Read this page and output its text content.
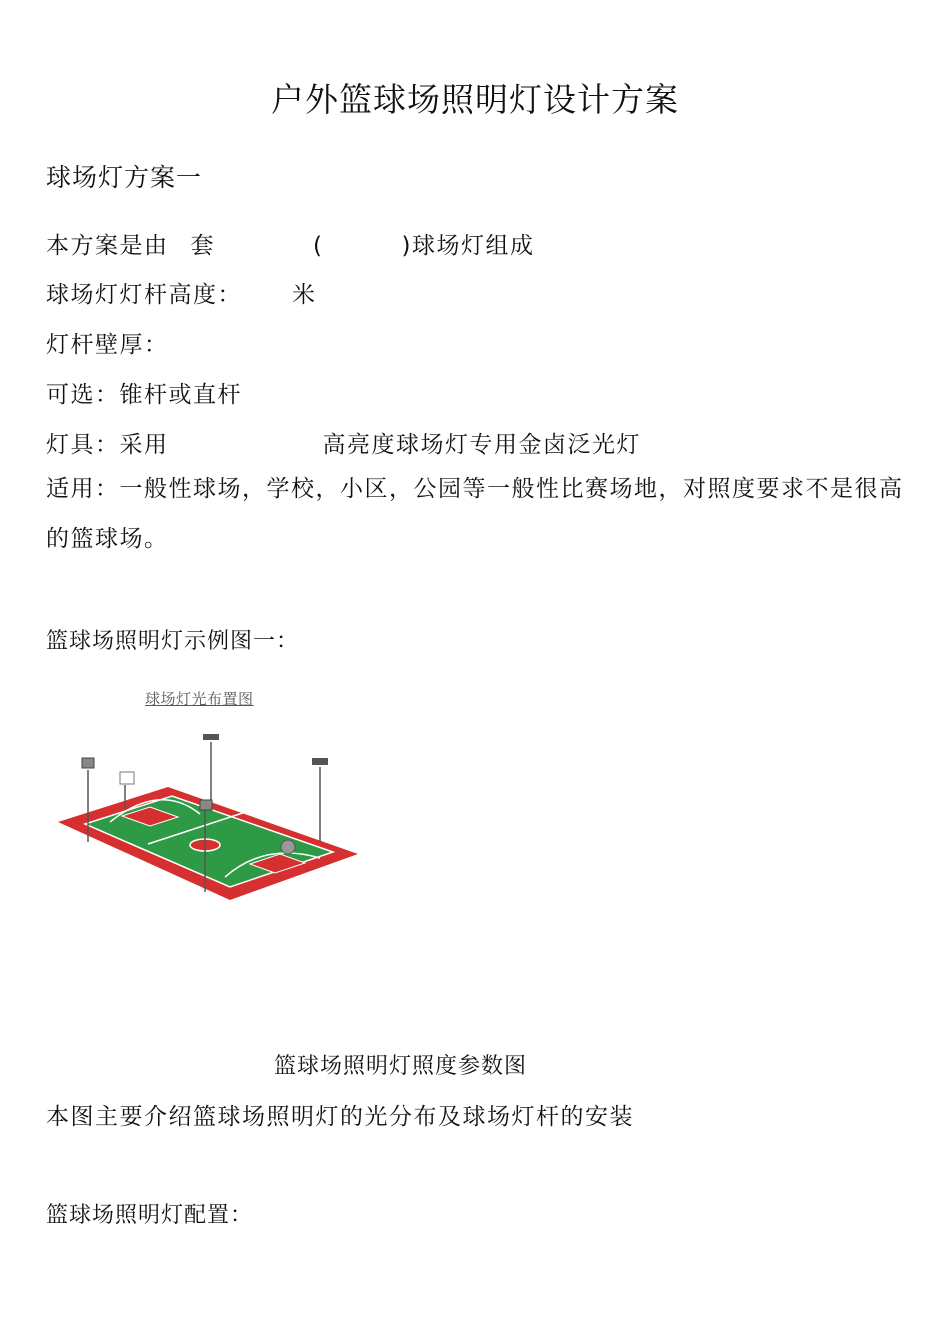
户外篮球场照明灯设计方案
球场灯方案一
本方案是由 套	(	)球场灯组成
球场灯灯杆高度： 米
灯杆壁厚：
可选：锥杆或直杆
灯具：采用	高亮度球场灯专用金卤泛光灯
适用：一般性球场，学校，小区，公园等一般性比赛场地，对照度要求不是很高的篮球场。
篮球场照明灯示例图一：
球场灯光布置图
篮球场照明灯照度参数图
本图主要介绍篮球场照明灯的光分布及球场灯杆的安装
篮球场照明灯配置：
